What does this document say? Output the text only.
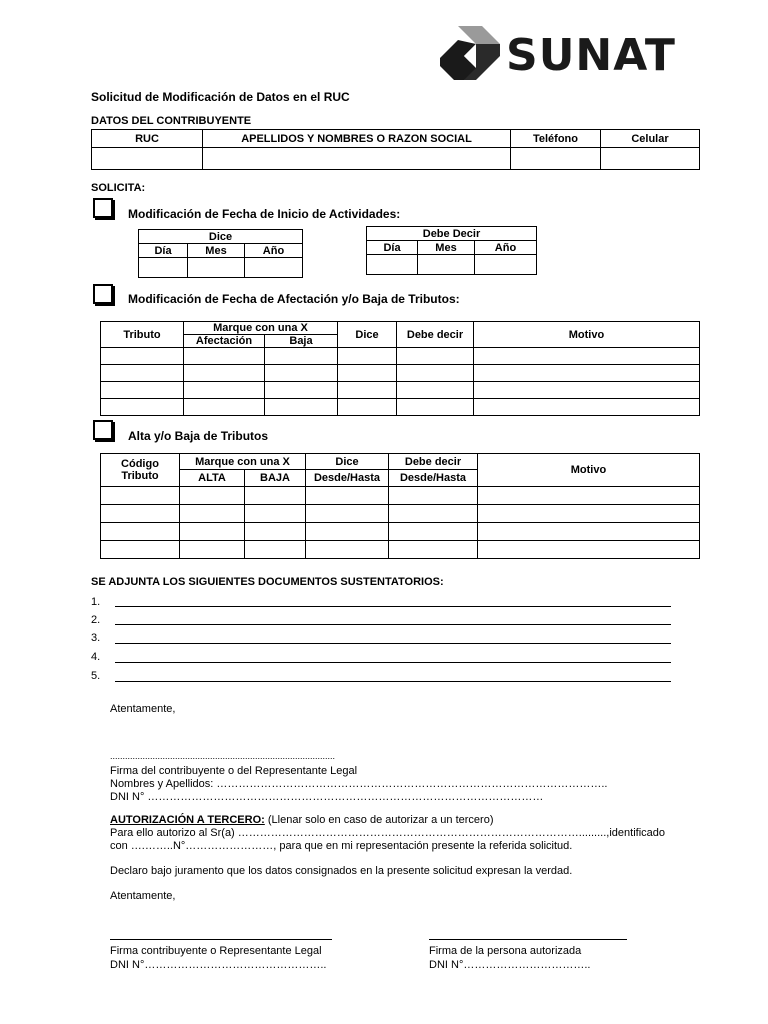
SUNAT
Solicitud de Modificación de Datos en el RUC
DATOS DEL CONTRIBUYENTE
RUC	APELLIDOS Y NOMBRES O RAZON SOCIAL	Teléfono	Celular

SOLICITA:
Modificación de Fecha de Inicio de Actividades:
Dice		
Día	Mes	Año

Debe Decir		
Día	Mes	Año

Modificación de Fecha de Afectación y/o Baja de Tributos:
Tributo	Marque con una X		Dice	Debe decir	Motivo
	Afectación	Baja			

Alta y/o Baja de Tributos
Código Tributo	Marque con una X		Dice	Debe decir	Motivo
	ALTA	BAJA	Desde/Hasta	Desde/Hasta	

SE ADJUNTA LOS SIGUIENTES DOCUMENTOS SUSTENTATORIOS:
1.
2.
3.
4.
5.
Atentamente,
..........................................................................................
Firma del contribuyente o del Representante Legal
Nombres y Apellidos: ……………………………………………………………………………………………..
DNI N° ………………………………………………………………………………………………
AUTORIZACIÓN A TERCERO: (Llenar solo en caso de autorizar a un tercero)
Para ello autorizo al Sr(a) ………………………………………………………………………………….........,identificado
con ….……..N°……………………, para que en mi representación presente la referida solicitud.
Declaro bajo juramento que los datos consignados en la presente solicitud expresan la verdad.
Atentamente,
Firma contribuyente o Representante Legal
DNI N°…………………………………………..
Firma de la persona autorizada
DNI N°……………………………..
